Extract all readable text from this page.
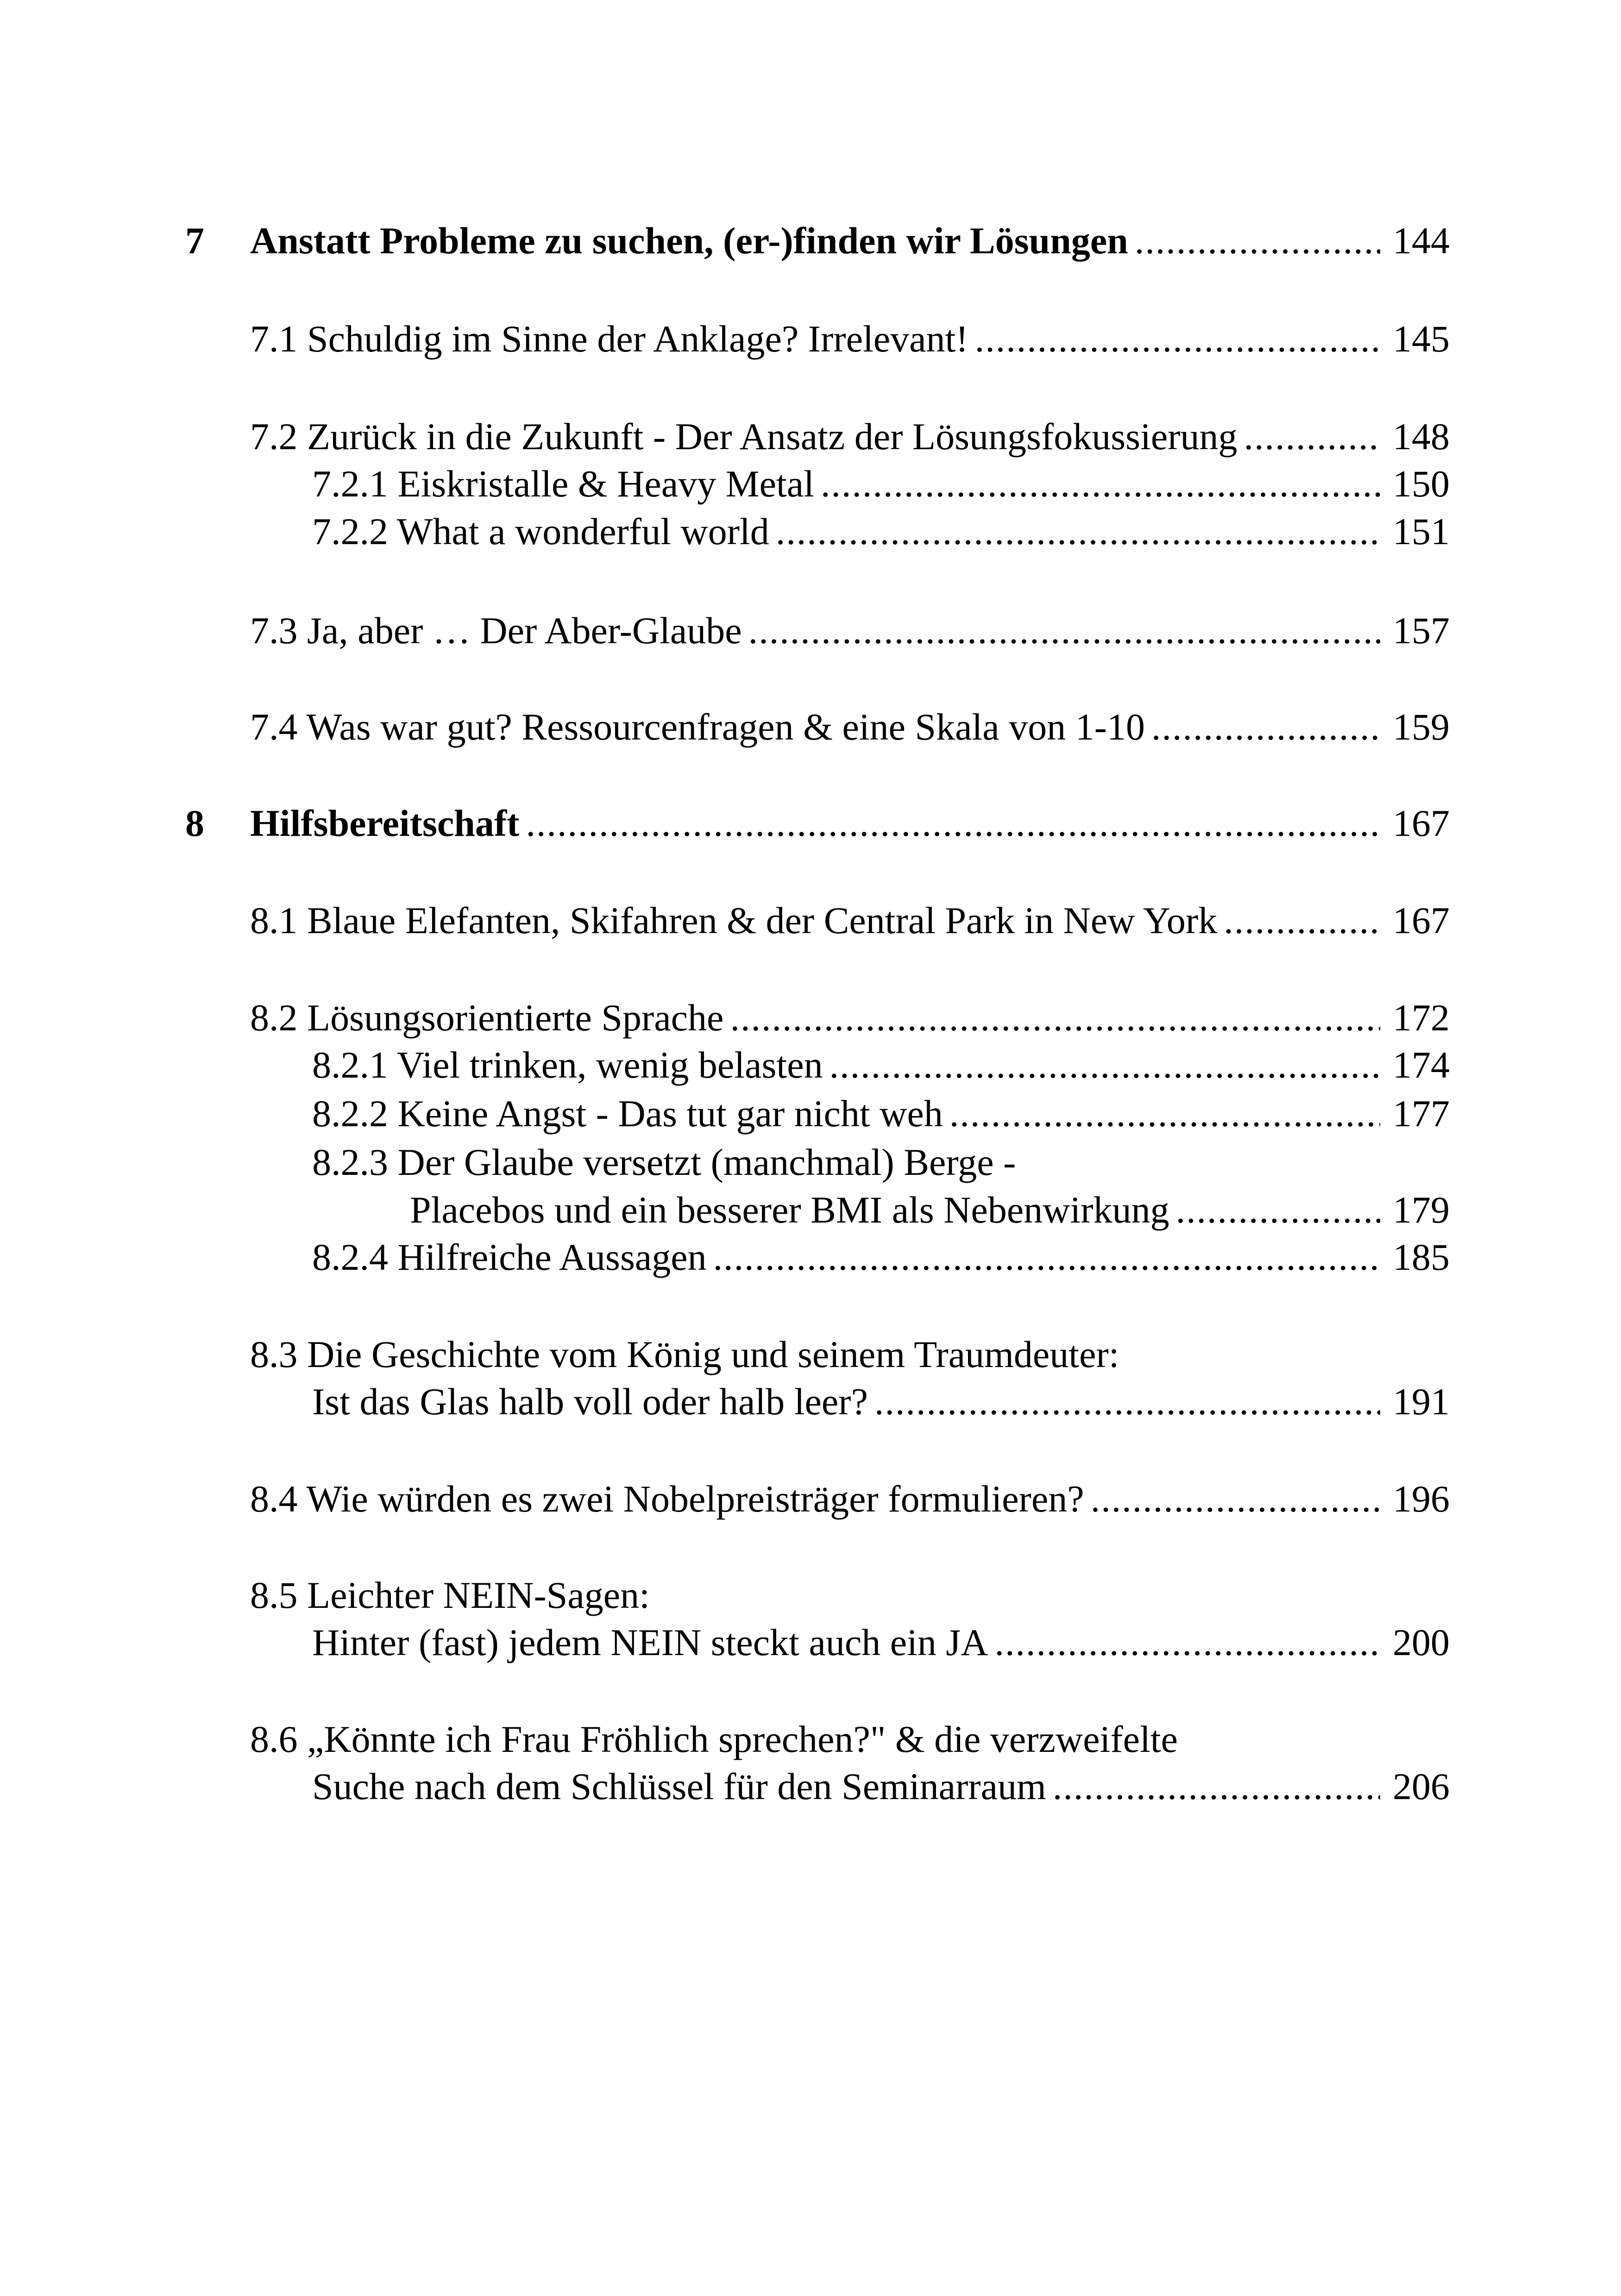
7	Anstatt Probleme zu suchen, (er-)finden wir Lösungen .....	144
7.1 Schuldig im Sinne der Anklage? Irrelevant! .....	145
7.2 Zurück in die Zukunft - Der Ansatz der Lösungsfokussierung .....	148
7.2.1 Eiskristalle & Heavy Metal .....	150
7.2.2 What a wonderful world .....	151
7.3 Ja, aber … Der Aber-Glaube .....	157
7.4 Was war gut? Ressourcenfragen & eine Skala von 1-10 .....	159
8	Hilfsbereitschaft .....	167
8.1 Blaue Elefanten, Skifahren & der Central Park in New York .....	167
8.2 Lösungsorientierte Sprache .....	172
8.2.1 Viel trinken, wenig belasten .....	174
8.2.2 Keine Angst - Das tut gar nicht weh .....	177
8.2.3 Der Glaube versetzt (manchmal) Berge -
Placebos und ein besserer BMI als Nebenwirkung .....	179
8.2.4 Hilfreiche Aussagen .....	185
8.3 Die Geschichte vom König und seinem Traumdeuter:
Ist das Glas halb voll oder halb leer? .....	191
8.4 Wie würden es zwei Nobelpreisträger formulieren? .....	196
8.5 Leichter NEIN-Sagen:
Hinter (fast) jedem NEIN steckt auch ein JA .....	200
8.6 „Könnte ich Frau Fröhlich sprechen?" & die verzweifelte
Suche nach dem Schlüssel für den Seminarraum .....	206
